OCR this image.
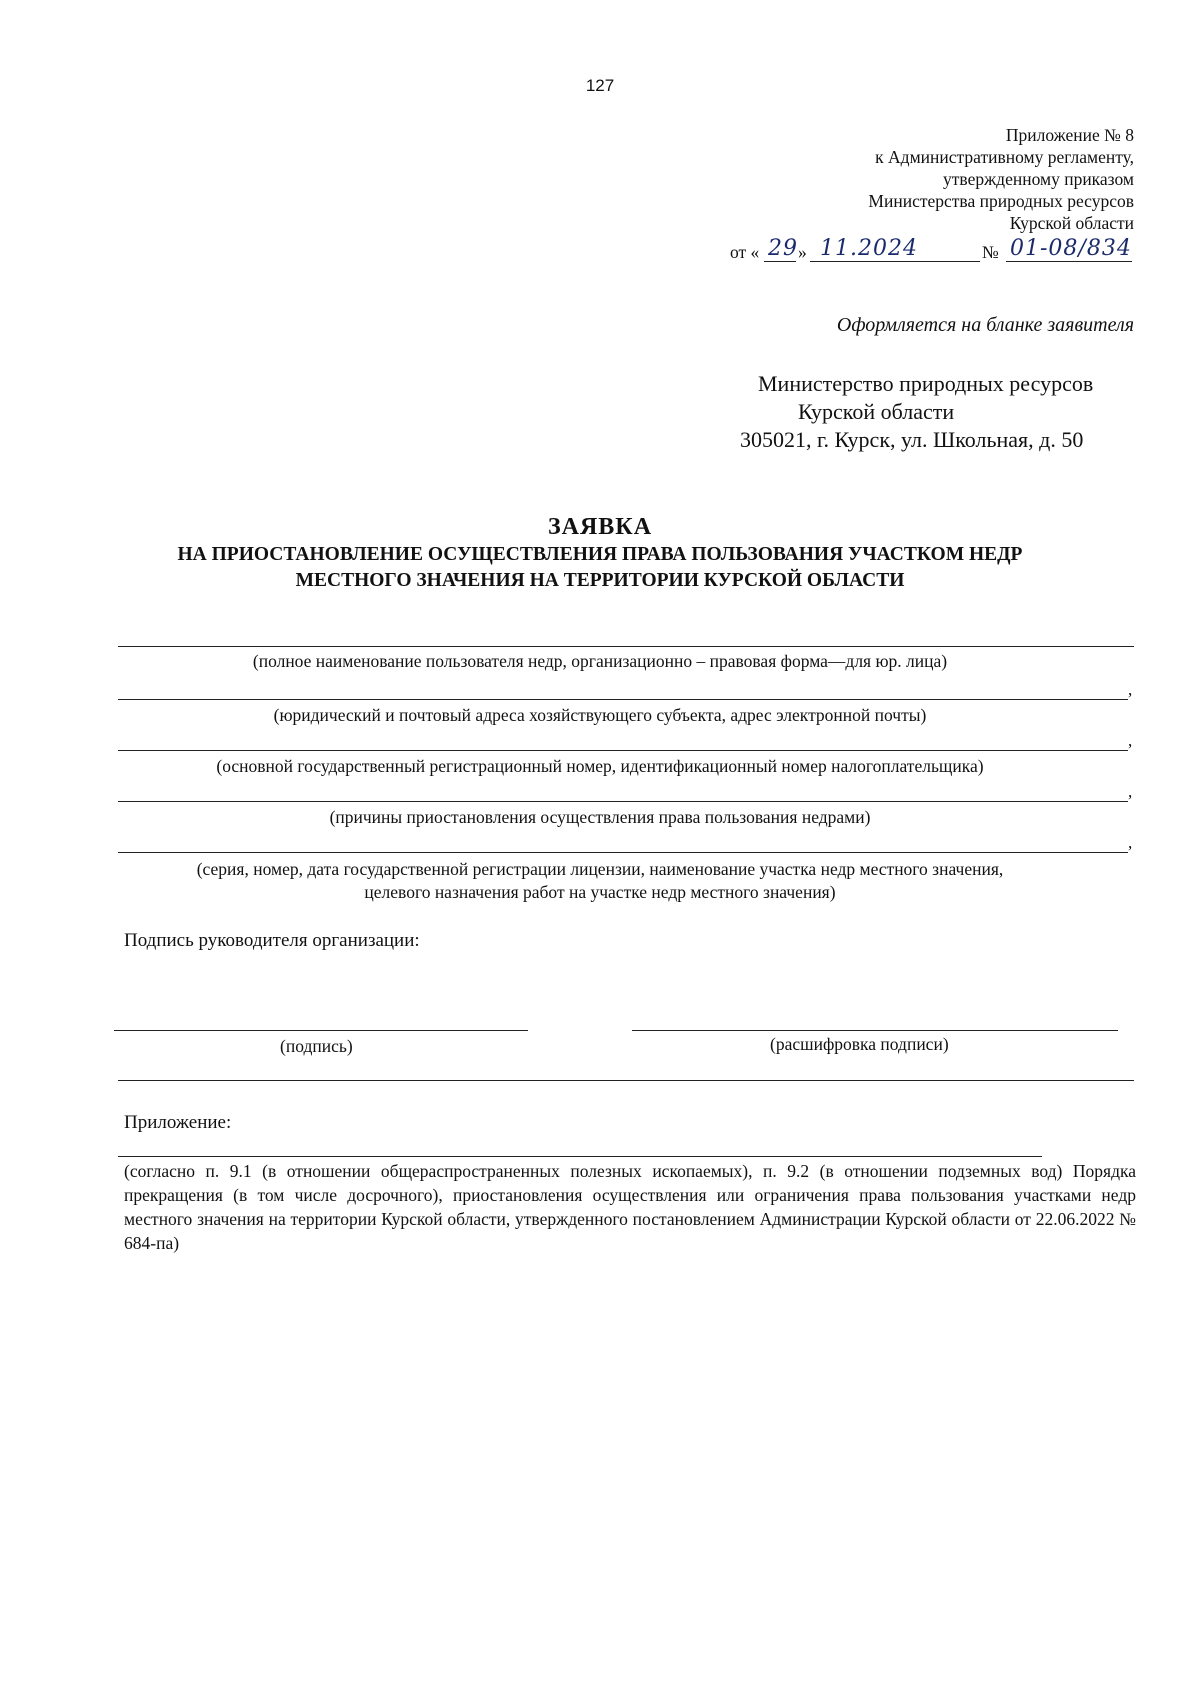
127
Приложение № 8
к Административному регламенту,
утвержденному приказом
Министерства природных ресурсов
Курской области
от « 29 » 11.2024	№ 01-08/834
Оформляется на бланке заявителя
Министерство природных ресурсов
Курской области
305021, г. Курск, ул. Школьная, д. 50
ЗАЯВКА
НА ПРИОСТАНОВЛЕНИЕ ОСУЩЕСТВЛЕНИЯ ПРАВА ПОЛЬЗОВАНИЯ УЧАСТКОМ НЕДР
МЕСТНОГО ЗНАЧЕНИЯ НА ТЕРРИТОРИИ КУРСКОЙ ОБЛАСТИ
(полное наименование пользователя недр, организационно – правовая форма—для юр. лица)
,
(юридический и почтовый адреса хозяйствующего субъекта, адрес электронной почты)
,
(основной государственный регистрационный номер, идентификационный номер налогоплательщика)
,
(причины приостановления осуществления права пользования недрами)
,
(серия, номер, дата государственной регистрации лицензии, наименование участка недр местного значения,
целевого назначения работ на участке недр местного значения)
Подпись руководителя организации:
(подпись)	(расшифровка подписи)
Приложение:

(согласно п. 9.1 (в отношении общераспространенных полезных ископаемых), п. 9.2 (в отношении подземных вод) Порядка прекращения (в том числе досрочного), приостановления осуществления или ограничения права пользования участками недр местного значения на территории Курской области, утвержденного постановлением Администрации Курской области от 22.06.2022 № 684-па)
